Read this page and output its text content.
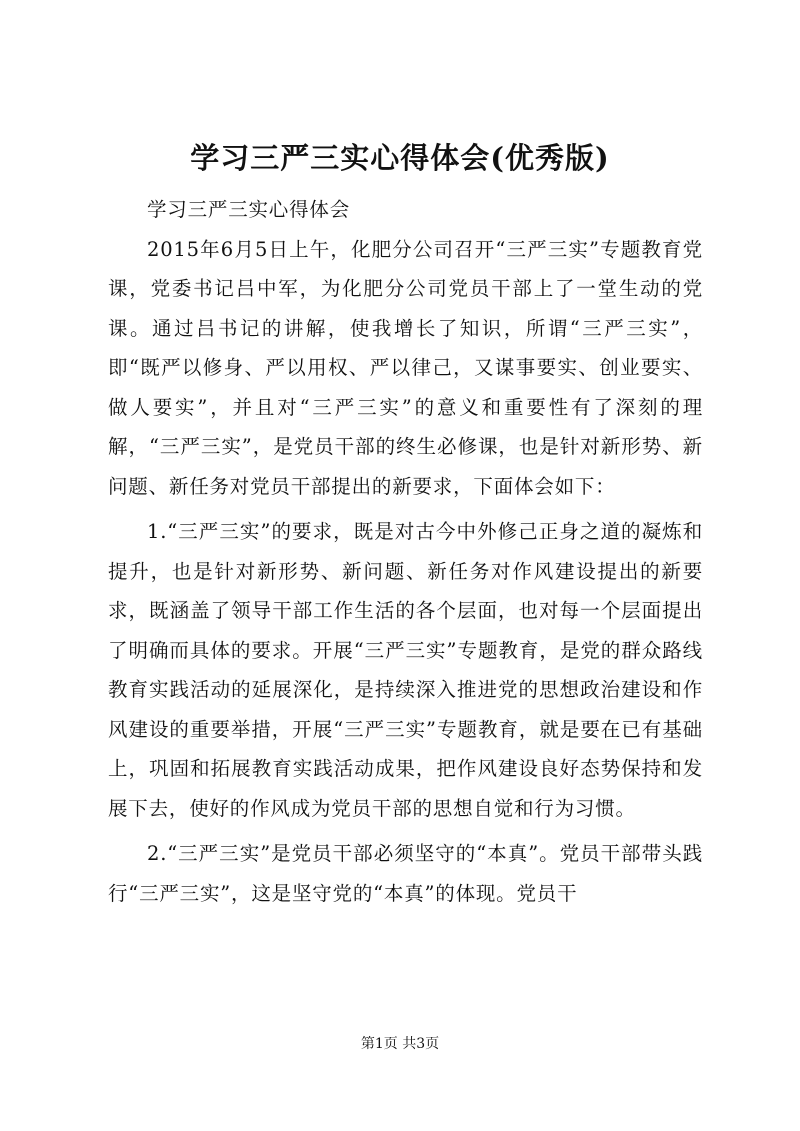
学习三严三实心得体会(优秀版)

学习三严三实心得体会

2015年6月5日上午，化肥分公司召开“三严三实”专题教育党课，党委书记吕中军，为化肥分公司党员干部上了一堂生动的党课。通过吕书记的讲解，使我增长了知识，所谓“三严三实”，即“既严以修身、严以用权、严以律己，又谋事要实、创业要实、做人要实”，并且对“三严三实”的意义和重要性有了深刻的理解，“三严三实”，是党员干部的终生必修课，也是针对新形势、新问题、新任务对党员干部提出的新要求，下面体会如下：

1.“三严三实”的要求，既是对古今中外修己正身之道的凝炼和提升，也是针对新形势、新问题、新任务对作风建设提出的新要求，既涵盖了领导干部工作生活的各个层面，也对每一个层面提出了明确而具体的要求。开展“三严三实”专题教育，是党的群众路线教育实践活动的延展深化，是持续深入推进党的思想政治建设和作风建设的重要举措，开展“三严三实”专题教育，就是要在已有基础上，巩固和拓展教育实践活动成果，把作风建设良好态势保持和发展下去，使好的作风成为党员干部的思想自觉和行为习惯。

2.“三严三实”是党员干部必须坚守的“本真”。党员干部带头践行“三严三实”，这是坚守党的“本真”的体现。党员干

第1页 共3页
